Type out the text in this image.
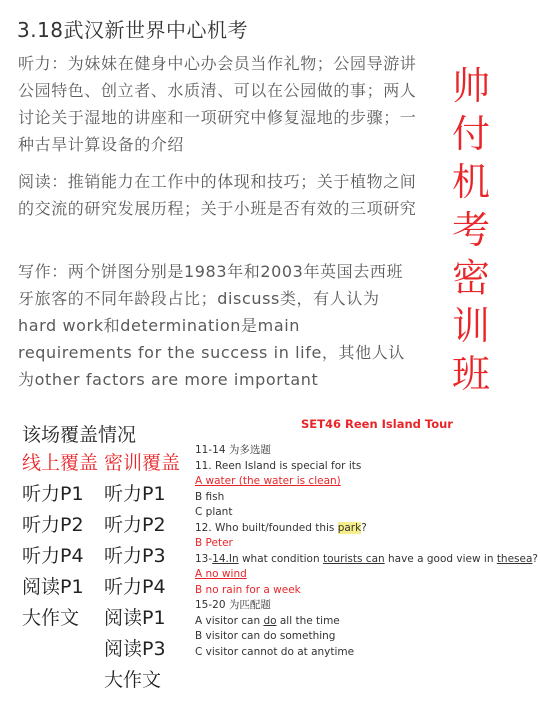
3.18武汉新世界中心机考
听力：为妹妹在健身中心办会员当作礼物；公园导游讲公园特色、创立者、水质清、可以在公园做的事；两人讨论关于湿地的讲座和一项研究中修复湿地的步骤；一种古旱计算设备的介绍
阅读：推销能力在工作中的体现和技巧；关于植物之间的交流的研究发展历程；关于小班是否有效的三项研究
写作：两个饼图分别是1983年和2003年英国去西班牙旅客的不同年龄段占比；discuss类，有人认为hard work和determination是main requirements for the success in life，其他人认为other factors are more important
帅
付
机
考
密
训
班
该场覆盖情况
线上覆盖
听力P1
听力P2
听力P4
阅读P1
大作文
密训覆盖
听力P1
听力P2
听力P3
听力P4
阅读P1
阅读P3
大作文
SET46 Reen Island Tour
11-14 为多选题
11. Reen Island is special for its
A water (the water is clean)
B fish
C plant
12. Who built/founded this park?
B Peter
13-14.In what condition tourists can have a good view in thesea?
A no wind
B no rain for a week
15-20 为匹配题
A visitor can do all the time
B visitor can do something
C visitor cannot do at anytime
